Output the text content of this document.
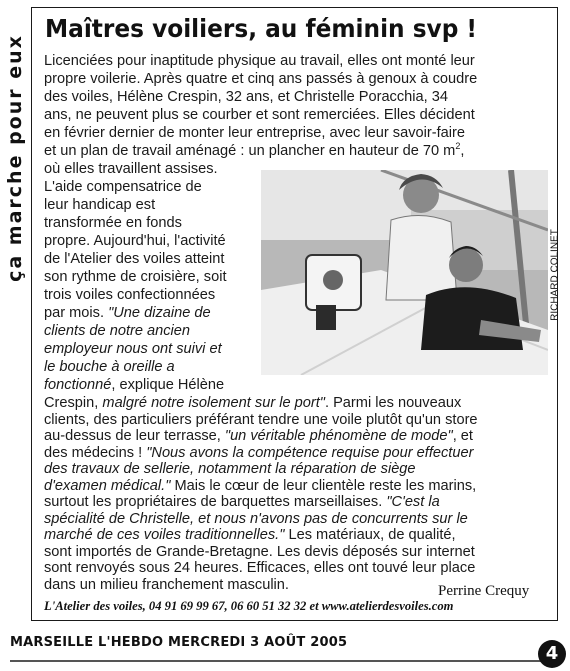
ça marche pour eux
Maîtres voiliers, au féminin svp !
Licenciées pour inaptitude physique au travail, elles ont monté leur
propre voilerie. Après quatre et cinq ans passés à genoux à coudre
des voiles, Hélène Crespin, 32 ans, et Christelle Poracchia, 34
ans, ne peuvent plus se courber et sont remerciées. Elles décident
en février dernier de monter leur entreprise, avec leur savoir-faire
et un plan de travail aménagé : un plancher en hauteur de 70 $m^2$,
où elles travaillent assises.
L'aide compensatrice de
leur handicap est
transformée en fonds
propre. Aujourd'hui, l'activité
de l'Atelier des voiles atteint
son rythme de croisière, soit
trois voiles confectionnées
par mois. "Une dizaine de
clients de notre ancien
employeur nous ont suivi et
le bouche à oreille a
fonctionné, explique Hélène
RICHARD COLINET
Crespin, malgré notre isolement sur le port". Parmi les nouveaux
clients, des particuliers préférant tendre une voile plutôt qu'un store
au-dessus de leur terrasse, "un véritable phénomène de mode", et
des médecins ! "Nous avons la compétence requise pour effectuer
des travaux de sellerie, notamment la réparation de siège
d'examen médical." Mais le cœur de leur clientèle reste les marins,
surtout les propriétaires de barquettes marseillaises. "C'est la
spécialité de Christelle, et nous n'avons pas de concurrents sur le
marché de ces voiles traditionnelles." Les matériaux, de qualité,
sont importés de Grande-Bretagne. Les devis déposés sur internet
sont renvoyés sous 24 heures. Efficaces, elles ont touvé leur place
Perrine Crequy
L'Atelier des voiles, 04 91 69 99 67, 06 60 51 32 32 et www.atelierdesvoiles.com
MARSEILLE L'HEBDO MERCREDI 3 AOÛT 2005
4
dans un milieu franchement masculin.
